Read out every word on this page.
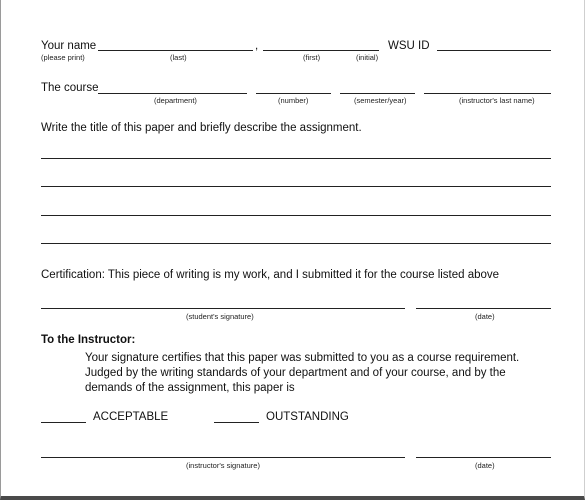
Your name	,	WSU ID
(please print)	(last)	(first)	(initial)
The course
(department)	(number)	(semester/year)	(instructor's last name)
Write the title of this paper and briefly describe the assignment.
Certification: This piece of writing is my work, and I submitted it for the course listed above
(student's signature)	(date)
To the Instructor:
Your signature certifies that this paper was submitted to you as a course requirement.
Judged by the writing standards of your department and of your course, and by the
demands of the assignment, this paper is
ACCEPTABLE	OUTSTANDING
(instructor's signature)	(date)
